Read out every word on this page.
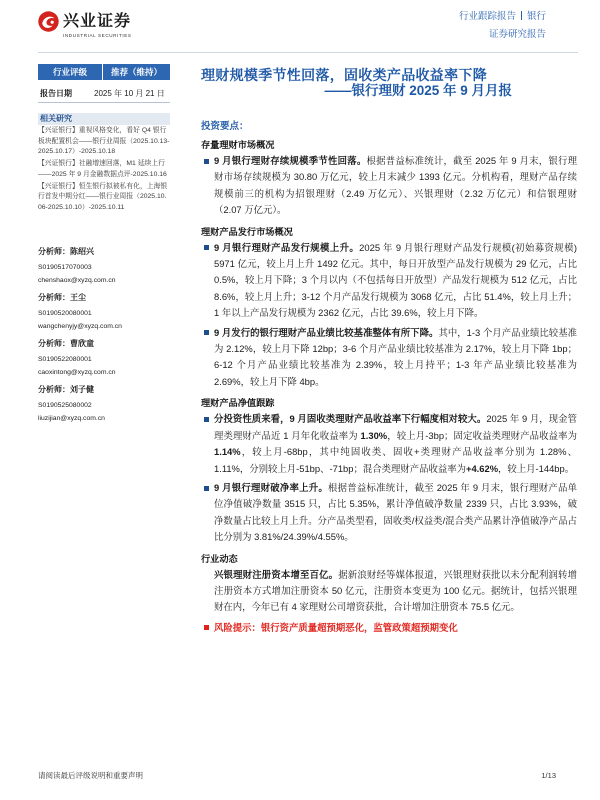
兴业证券
INDUSTRIAL SECURITIES
行业跟踪报告 银行
证券研究报告
行业评级	推荐（维持）
报告日期	2025 年 10 月 21 日
相关研究
【兴证银行】重视风格变化，看好 Q4 银行板块配置机会——银行业周报（2025.10.13-2025.10.17）-2025.10.18
【兴证银行】社融增速回落，M1 延续上行——2025 年 9 月金融数据点评-2025.10.16
【兴证银行】恒生银行拟被私有化，上海银行首发中期分红——银行业周报（2025.10.06-2025.10.10）-2025.10.11
分析师：陈绍兴
S0190517070003
chenshaox@xyzq.com.cn
分析师：王尘
S0190520080001
wangchenyjy@xyzq.com.cn
分析师：曹欣童
S0190522080001
caoxintong@xyzq.com.cn
分析师：刘子健
S0190525080002
liuzijian@xyzq.com.cn
理财规模季节性回落，固收类产品收益率下降
——银行理财 2025 年 9 月月报
投资要点：
存量理财市场概况
9 月银行理财存续规模季节性回落。根据普益标准统计，截至 2025 年 9 月末，银行理财市场存续规模为 30.80 万亿元，较上月末减少 1393 亿元。分机构看，理财产品存续规模前三的机构为招银理财（2.49 万亿元）、兴银理财（2.32 万亿元）和信银理财（2.07 万亿元）。
理财产品发行市场概况
9 月银行理财产品发行规模上升。2025 年 9 月银行理财产品发行规模(初始募资规模) 5971 亿元，较上月上升 1492 亿元。其中，每日开放型产品发行规模为 29 亿元，占比 0.5%，较上月下降；3 个月以内（不包括每日开放型）产品发行规模为 512 亿元，占比 8.6%，较上月上升；3-12 个月产品发行规模为 3068 亿元，占比 51.4%，较上月上升；1 年以上产品发行规模为 2362 亿元，占比 39.6%，较上月下降。
9 月发行的银行理财产品业绩比较基准整体有所下降。其中，1-3 个月产品业绩比较基准为 2.12%，较上月下降 12bp；3-6 个月产品业绩比较基准为 2.17%，较上月下降 1bp；6-12 个月产品业绩比较基准为 2.39%，较上月持平；1-3 年产品业绩比较基准为 2.69%，较上月下降 4bp。
理财产品净值跟踪
分投资性质来看，9 月固收类理财产品收益率下行幅度相对较大。2025 年 9 月，现金管理类理财产品近 1 月年化收益率为 1.30%，较上月-3bp；固定收益类理财产品收益率为 1.14%，较上月-68bp，其中纯固收类、固收+类理财产品收益率分别为 1.28%、1.11%，分别较上月-51bp、-71bp；混合类理财产品收益率为+4.62%，较上月-144bp。
9 月银行理财破净率上升。根据普益标准统计，截至 2025 年 9 月末，银行理财产品单位净值破净数量 3515 只，占比 5.35%，累计净值破净数量 2339 只，占比 3.93%，破净数量占比较上月上升。分产品类型看，固收类/权益类/混合类产品累计净值破净产品占比分别为 3.81%/24.39%/4.55%。
行业动态
兴银理财注册资本增至百亿。据新浪财经等媒体报道，兴银理财获批以未分配利润转增注册资本方式增加注册资本 50 亿元，注册资本变更为 100 亿元。据统计，包括兴银理财在内，今年已有 4 家理财公司增资获批，合计增加注册资本 75.5 亿元。
风险提示：银行资产质量超预期恶化，监管政策超预期变化
请阅读最后评级说明和重要声明	1/13
